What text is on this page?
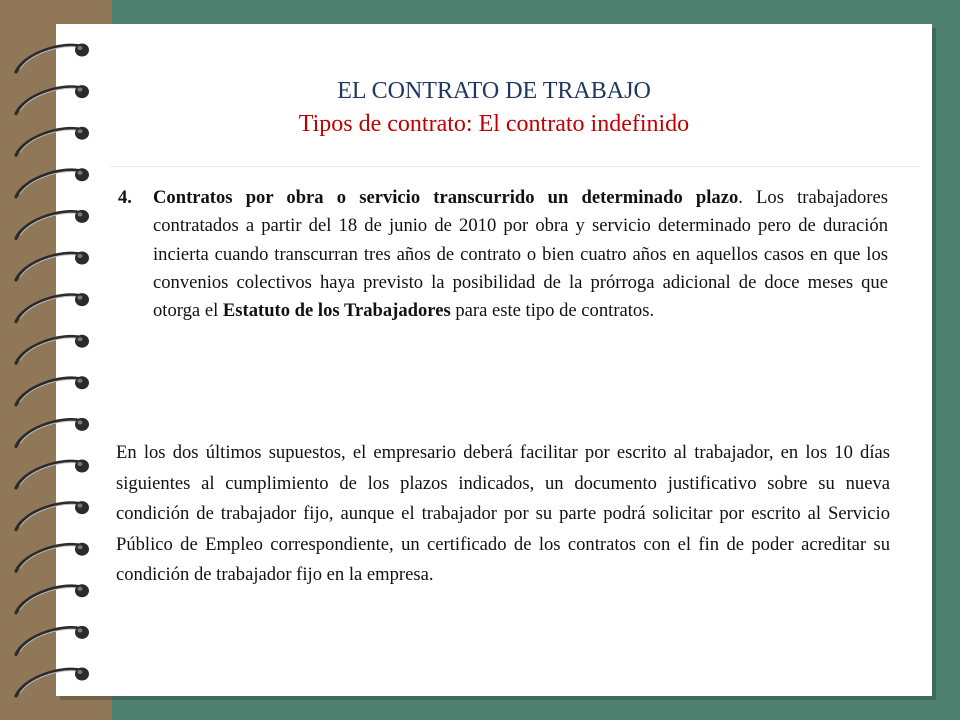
EL CONTRATO DE TRABAJO
Tipos de contrato: El contrato indefinido
4.	Contratos por obra o servicio transcurrido un determinado plazo. Los trabajadores contratados a partir del 18 de junio de 2010 por obra y servicio determinado pero de duración incierta cuando transcurran tres años de contrato o bien cuatro años en aquellos casos en que los convenios colectivos haya previsto la posibilidad de la prórroga adicional de doce meses que otorga el Estatuto de los Trabajadores para este tipo de contratos.
En los dos últimos supuestos, el empresario deberá facilitar por escrito al trabajador, en los 10 días siguientes al cumplimiento de los plazos indicados, un documento justificativo sobre su nueva condición de trabajador fijo, aunque el trabajador por su parte podrá solicitar por escrito al Servicio Público de Empleo correspondiente, un certificado de los contratos con el fin de poder acreditar su condición de trabajador fijo en la empresa.
